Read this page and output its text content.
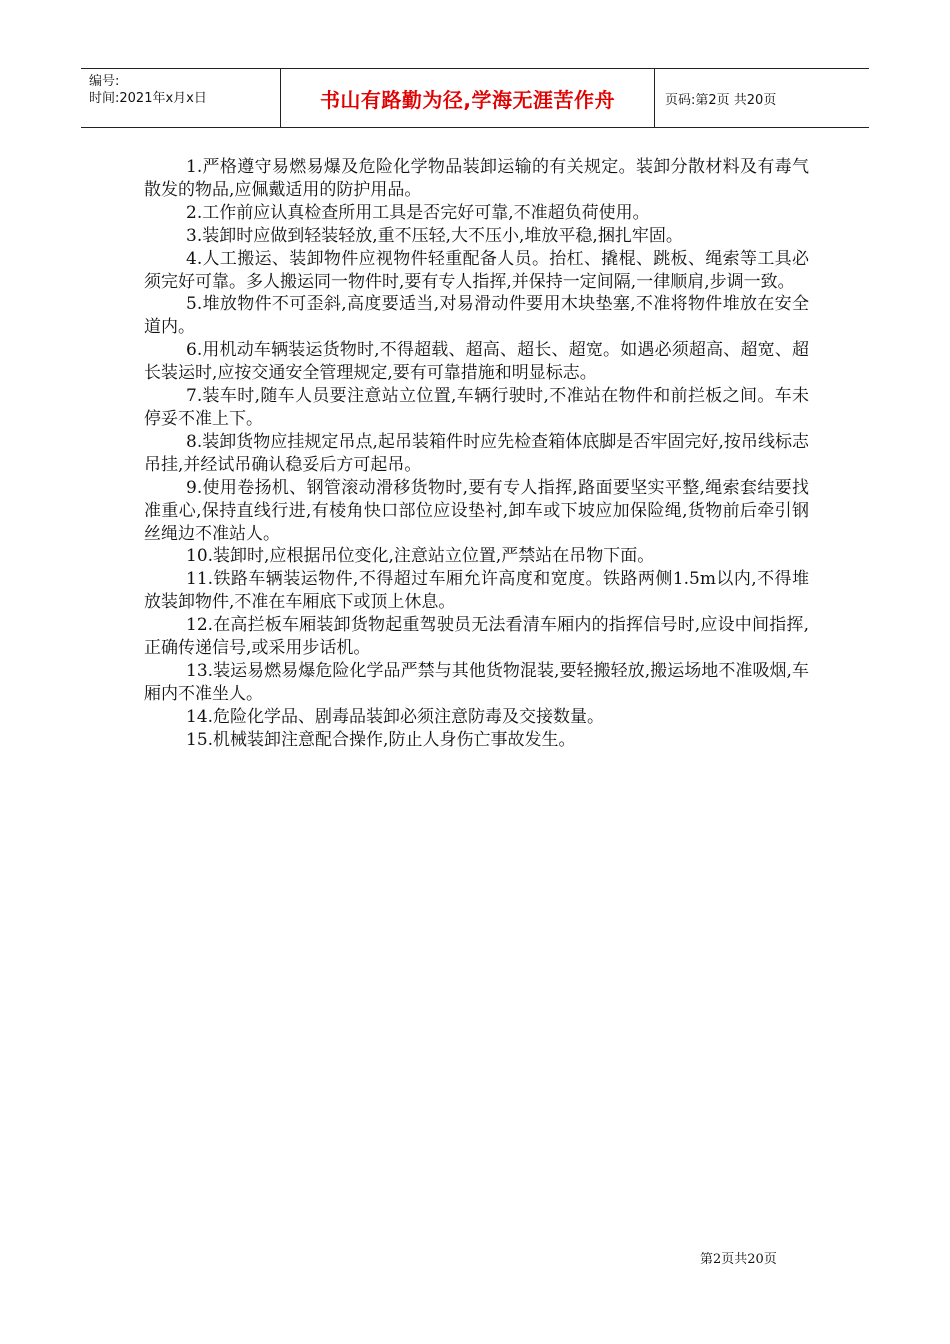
编号:
时间:2021年x月x日	书山有路勤为径,学海无涯苦作舟	页码:第2页 共20页

1.严格遵守易燃易爆及危险化学物品装卸运输的有关规定。装卸分散材料及有毒气散发的物品,应佩戴适用的防护用品。

2.工作前应认真检查所用工具是否完好可靠,不准超负荷使用。

3.装卸时应做到轻装轻放,重不压轻,大不压小,堆放平稳,捆扎牢固。

4.人工搬运、装卸物件应视物件轻重配备人员。抬杠、撬棍、跳板、绳索等工具必须完好可靠。多人搬运同一物件时,要有专人指挥,并保持一定间隔,一律顺肩,步调一致。

5.堆放物件不可歪斜,高度要适当,对易滑动件要用木块垫塞,不准将物件堆放在安全道内。

6.用机动车辆装运货物时,不得超载、超高、超长、超宽。如遇必须超高、超宽、超长装运时,应按交通安全管理规定,要有可靠措施和明显标志。

7.装车时,随车人员要注意站立位置,车辆行驶时,不准站在物件和前拦板之间。车未停妥不准上下。

8.装卸货物应挂规定吊点,起吊装箱件时应先检查箱体底脚是否牢固完好,按吊线标志吊挂,并经试吊确认稳妥后方可起吊。

9.使用卷扬机、钢管滚动滑移货物时,要有专人指挥,路面要坚实平整,绳索套结要找准重心,保持直线行进,有棱角快口部位应设垫衬,卸车或下坡应加保险绳,货物前后牵引钢丝绳边不准站人。

10.装卸时,应根据吊位变化,注意站立位置,严禁站在吊物下面。

11.铁路车辆装运物件,不得超过车厢允许高度和宽度。铁路两侧1.5m以内,不得堆放装卸物件,不准在车厢底下或顶上休息。

12.在高拦板车厢装卸货物起重驾驶员无法看清车厢内的指挥信号时,应设中间指挥,正确传递信号,或采用步话机。

13.装运易燃易爆危险化学品严禁与其他货物混装,要轻搬轻放,搬运场地不准吸烟,车厢内不准坐人。

14.危险化学品、剧毒品装卸必须注意防毒及交接数量。

15.机械装卸注意配合操作,防止人身伤亡事故发生。

第2页共20页
